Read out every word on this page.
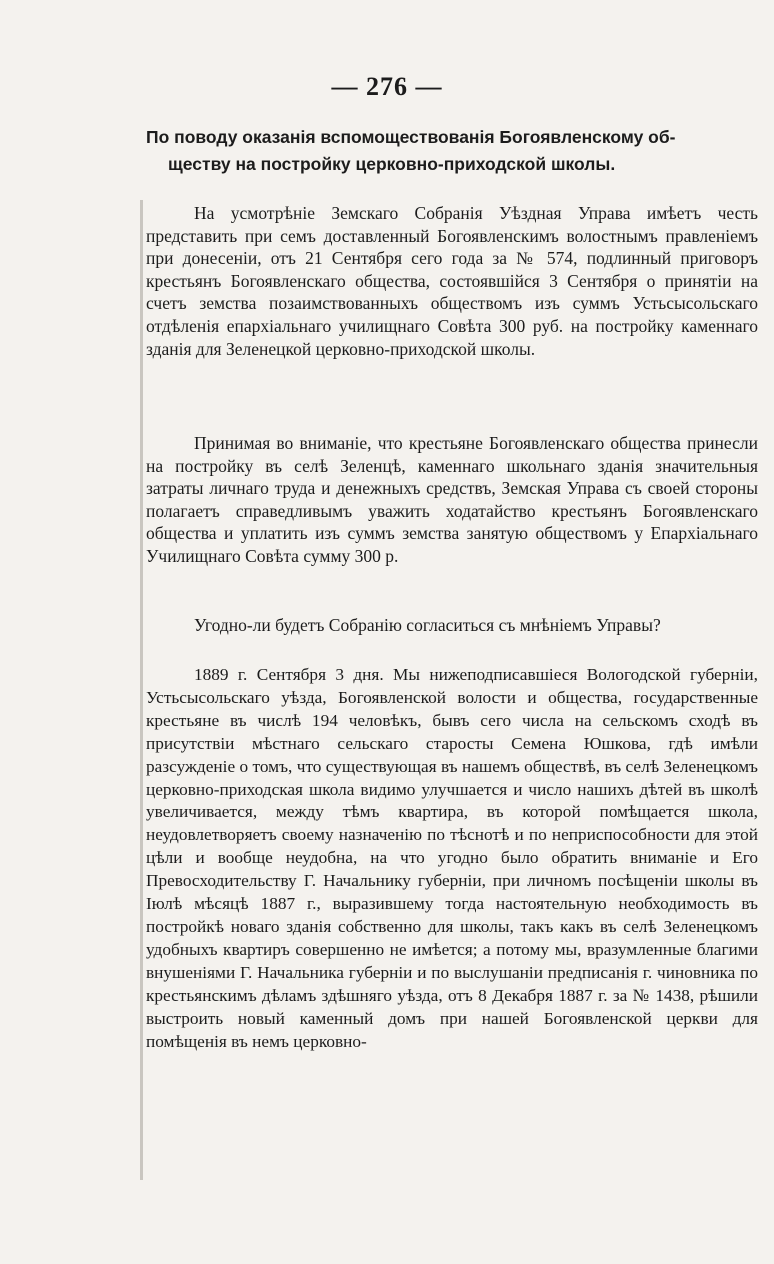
— 276 —
По поводу оказанія вспомоществованія Богоявленскому об-
ществу на постройку церковно-приходской школы.

На усмотрѣніе Земскаго Собранія Уѣздная Управа имѣетъ честь представить при семъ доставленный Богоявленскимъ волостнымъ правленіемъ при донесеніи, отъ 21 Сентября сего года за № 574, подлинный приговоръ крестьянъ Богоявленскаго общества, состоявшійся 3 Сентября о принятіи на счетъ земства позаимствованныхъ обществомъ изъ суммъ Устьсысольскаго отдѣленія епархіальнаго училищнаго Совѣта 300 руб. на постройку каменнаго зданія для Зеленецкой церковно-приходской школы.

Принимая во вниманіе, что крестьяне Богоявленскаго общества принесли на постройку въ селѣ Зеленцѣ, каменнаго школьнаго зданія значительныя затраты личнаго труда и денежныхъ средствъ, Земская Управа съ своей стороны полагаетъ справедливымъ уважить ходатайство крестьянъ Богоявленскаго общества и уплатить изъ суммъ земства занятую обществомъ у Епархіальнаго Училищнаго Совѣта сумму 300 р.

Угодно-ли будетъ Собранію согласиться съ мнѣніемъ Управы?

1889 г. Сентября 3 дня. Мы нижеподписавшіеся Вологодской губерніи, Устьсысольскаго уѣзда, Богоявленской волости и общества, государственные крестьяне въ числѣ 194 человѣкъ, бывъ сего числа на сельскомъ сходѣ въ присутствіи мѣстнаго сельскаго старосты Семена Юшкова, гдѣ имѣли разсужденіе о томъ, что существующая въ нашемъ обществѣ, въ селѣ Зеленецкомъ церковно-приходская школа видимо улучшается и число нашихъ дѣтей въ школѣ увеличивается, между тѣмъ квартира, въ которой помѣщается школа, неудовлетворяетъ своему назначенію по тѣснотѣ и по неприспособности для этой цѣли и вообще неудобна, на что угодно было обратить вниманіе и Его Превосходительству Г. Начальнику губерніи, при личномъ посѣщеніи школы въ Іюлѣ мѣсяцѣ 1887 г., выразившему тогда настоятельную необходимость въ постройкѣ новаго зданія собственно для школы, такъ какъ въ селѣ Зеленецкомъ удобныхъ квартиръ совершенно не имѣется; а потому мы, вразумленные благими внушеніями Г. Начальника губерніи и по выслушаніи предписанія г. чиновника по крестьянскимъ дѣламъ здѣшняго уѣзда, отъ 8 Декабря 1887 г. за № 1438, рѣшили выстроить новый каменный домъ при нашей Богоявленской церкви для помѣщенія въ немъ церковно-
